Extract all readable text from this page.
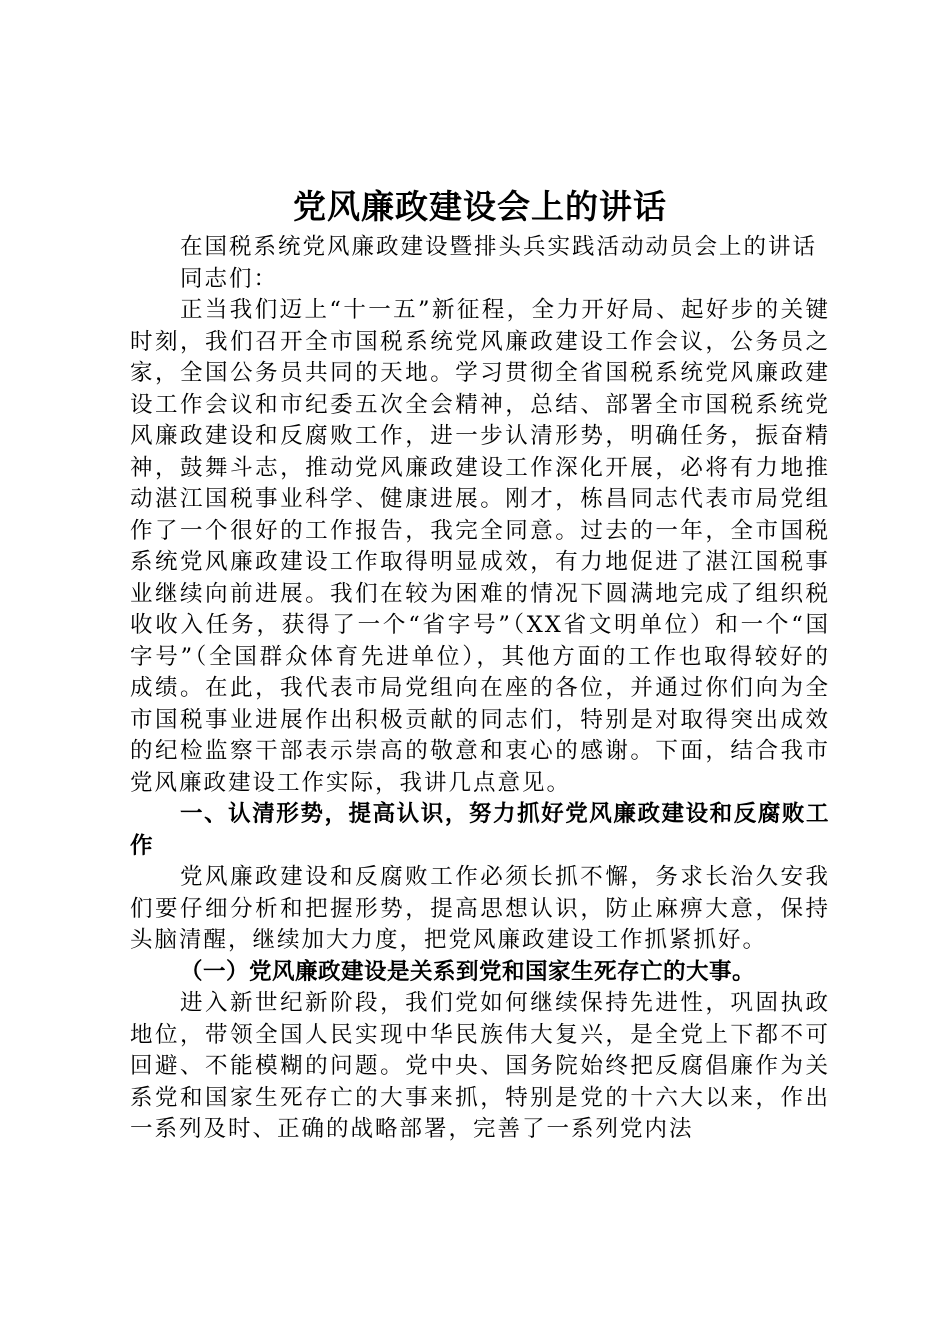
党风廉政建设会上的讲话

在国税系统党风廉政建设暨排头兵实践活动动员会上的讲话

同志们：

正当我们迈上“十一五”新征程，全力开好局、起好步的关键时刻，我们召开全市国税系统党风廉政建设工作会议，公务员之家，全国公务员共同的天地。学习贯彻全省国税系统党风廉政建设工作会议和市纪委五次全会精神，总结、部署全市国税系统党风廉政建设和反腐败工作，进一步认清形势，明确任务，振奋精神，鼓舞斗志，推动党风廉政建设工作深化开展，必将有力地推动湛江国税事业科学、健康进展。刚才，栋昌同志代表市局党组作了一个很好的工作报告，我完全同意。过去的一年，全市国税系统党风廉政建设工作取得明显成效，有力地促进了湛江国税事业继续向前进展。我们在较为困难的情况下圆满地完成了组织税收收入任务，获得了一个“省字号”（XX省文明单位）和一个“国字号”（全国群众体育先进单位），其他方面的工作也取得较好的成绩。在此，我代表市局党组向在座的各位，并通过你们向为全市国税事业进展作出积极贡献的同志们，特别是对取得突出成效的纪检监察干部表示崇高的敬意和衷心的感谢。下面，结合我市党风廉政建设工作实际，我讲几点意见。

一、认清形势，提高认识，努力抓好党风廉政建设和反腐败工作

党风廉政建设和反腐败工作必须长抓不懈，务求长治久安我们要仔细分析和把握形势，提高思想认识，防止麻痹大意，保持头脑清醒，继续加大力度，把党风廉政建设工作抓紧抓好。

（一）党风廉政建设是关系到党和国家生死存亡的大事。

进入新世纪新阶段，我们党如何继续保持先进性，巩固执政地位，带领全国人民实现中华民族伟大复兴，是全党上下都不可回避、不能模糊的问题。党中央、国务院始终把反腐倡廉作为关系党和国家生死存亡的大事来抓，特别是党的十六大以来，作出一系列及时、正确的战略部署，完善了一系列党内法
